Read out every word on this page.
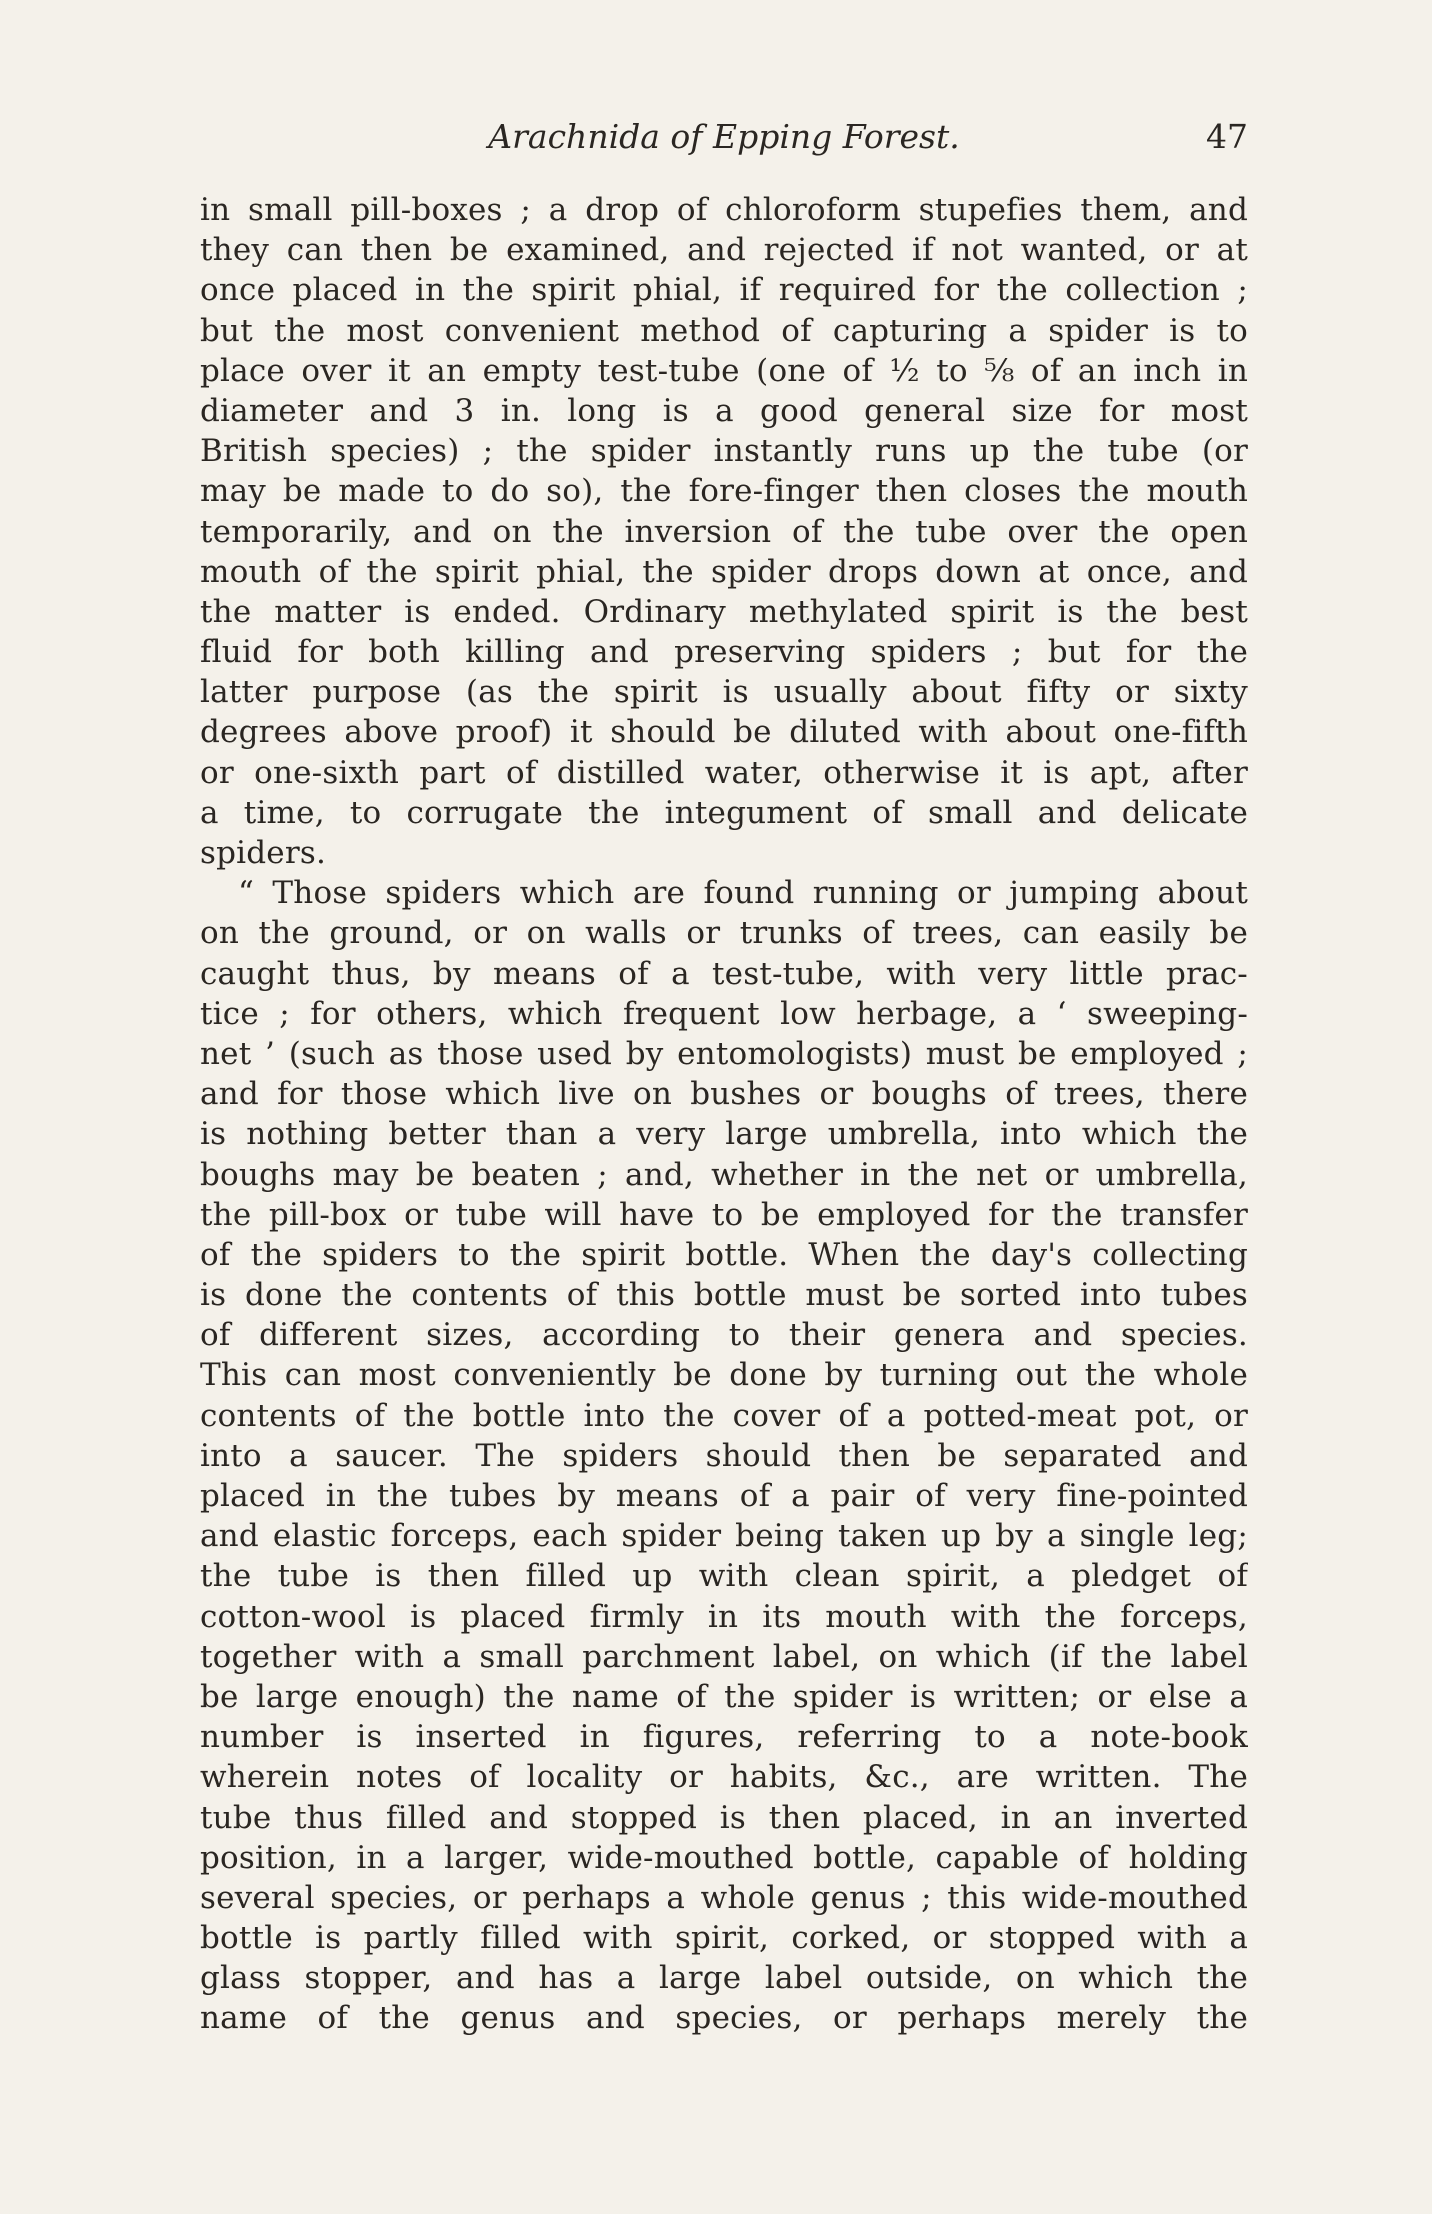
Arachnida of Epping Forest.	47
in small pill-boxes ; a drop of chloroform stupefies them, and
they can then be examined, and rejected if not wanted, or at
once placed in the spirit phial, if required for the collection ;
but the most convenient method of capturing a spider is to
place over it an empty test-tube (one of ½ to ⅝ of an inch in
diameter and 3 in. long is a good general size for most
British species) ; the spider instantly runs up the tube (or
may be made to do so), the fore-finger then closes the mouth
temporarily, and on the inversion of the tube over the open
mouth of the spirit phial, the spider drops down at once, and
the matter is ended. Ordinary methylated spirit is the best
fluid for both killing and preserving spiders ; but for the
latter purpose (as the spirit is usually about fifty or sixty
degrees above proof) it should be diluted with about one-fifth
or one-sixth part of distilled water, otherwise it is apt, after
a time, to corrugate the integument of small and delicate
spiders.
“ Those spiders which are found running or jumping about
on the ground, or on walls or trunks of trees, can easily be
caught thus, by means of a test-tube, with very little prac-
tice ; for others, which frequent low herbage, a ‘ sweeping-
net ’ (such as those used by entomologists) must be employed ;
and for those which live on bushes or boughs of trees, there
is nothing better than a very large umbrella, into which the
boughs may be beaten ; and, whether in the net or umbrella,
the pill-box or tube will have to be employed for the transfer
of the spiders to the spirit bottle. When the day's collecting
is done the contents of this bottle must be sorted into tubes
of different sizes, according to their genera and species.
This can most conveniently be done by turning out the whole
contents of the bottle into the cover of a potted-meat pot, or
into a saucer. The spiders should then be separated and
placed in the tubes by means of a pair of very fine-pointed
and elastic forceps, each spider being taken up by a single leg;
the tube is then filled up with clean spirit, a pledget of
cotton-wool is placed firmly in its mouth with the forceps,
together with a small parchment label, on which (if the label
be large enough) the name of the spider is written; or else a
number is inserted in figures, referring to a note-book
wherein notes of locality or habits, &c., are written. The
tube thus filled and stopped is then placed, in an inverted
position, in a larger, wide-mouthed bottle, capable of holding
several species, or perhaps a whole genus ; this wide-mouthed
bottle is partly filled with spirit, corked, or stopped with a
glass stopper, and has a large label outside, on which the
name of the genus and species, or perhaps merely the
